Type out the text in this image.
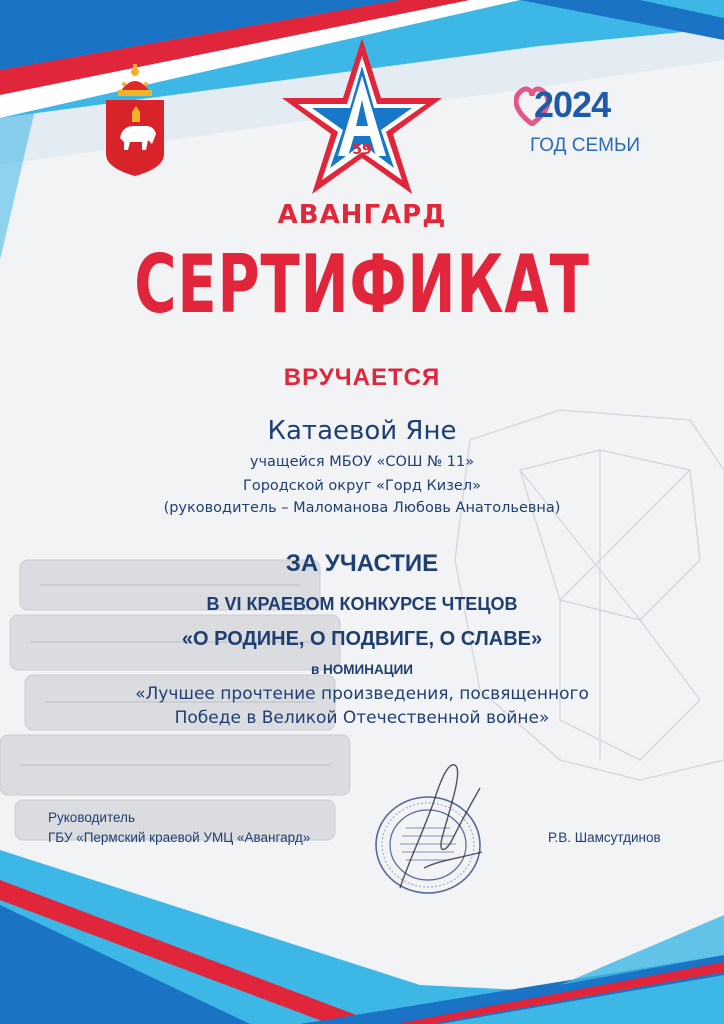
59
АВАНГАРД
2024
ГОД СЕМЬИ
СЕРТИФИКАТ
ВРУЧАЕТСЯ
Катаевой Яне
учащейся МБОУ «СОШ № 11»
Городской округ «Горд Кизел»
(руководитель – Маломанова Любовь Анатольевна)
ЗА УЧАСТИЕ
В VI КРАЕВОМ КОНКУРСЕ ЧТЕЦОВ
«О РОДИНЕ, О ПОДВИГЕ, О СЛАВЕ»
в НОМИНАЦИИ
«Лучшее прочтение произведения, посвященного
Победе в Великой Отечественной войне»
Руководитель
ГБУ «Пермский краевой УМЦ «Авангард»	Р.В. Шамсутдинов
